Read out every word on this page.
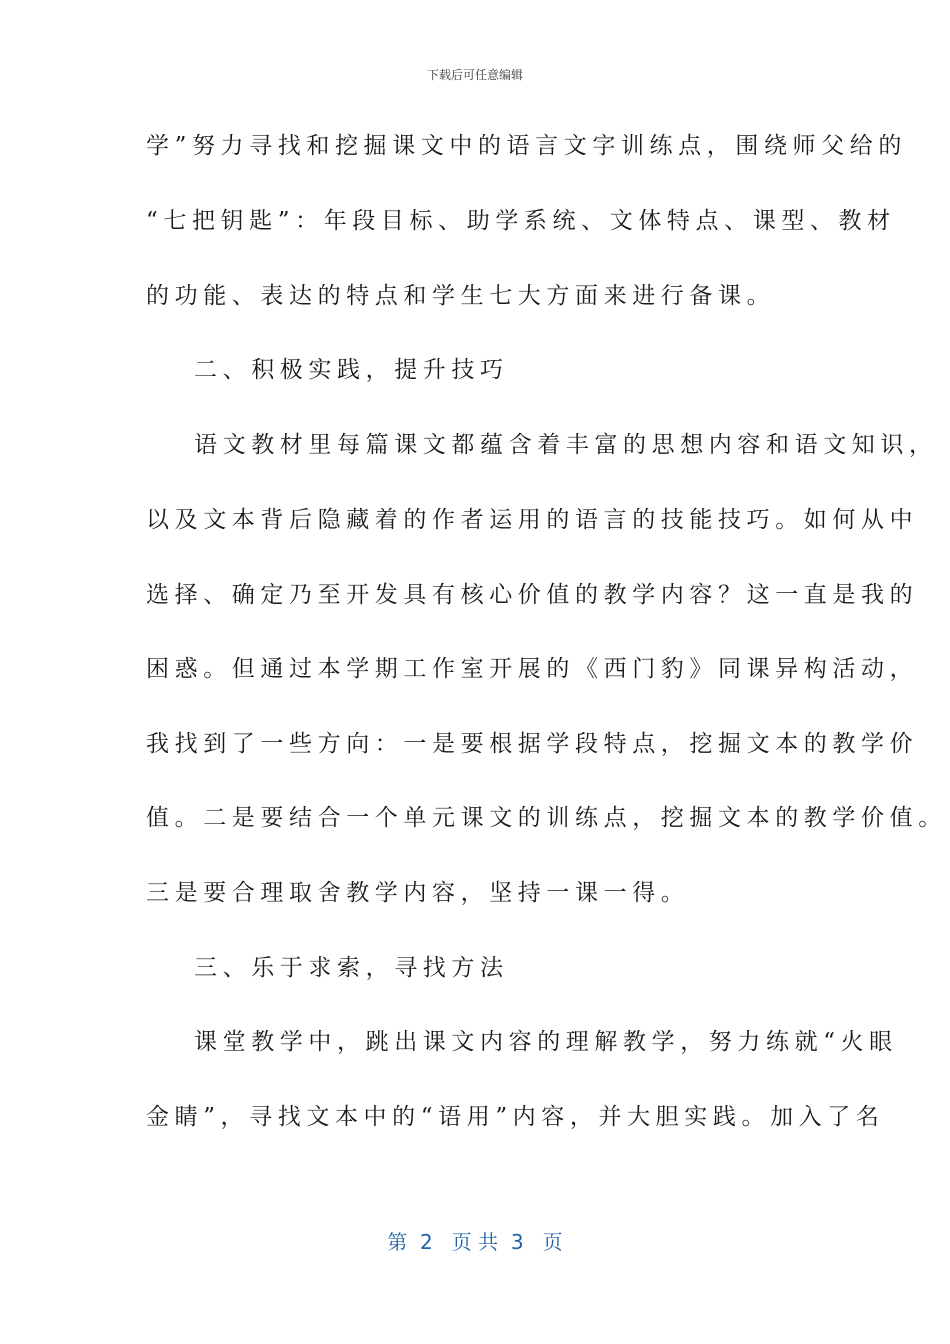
下载后可任意编辑
学”努力寻找和挖掘课文中的语言文字训练点，围绕师父给的
“七把钥匙”：年段目标、助学系统、文体特点、课型、教材
的功能、表达的特点和学生七大方面来进行备课。
二、积极实践，提升技巧
语文教材里每篇课文都蕴含着丰富的思想内容和语文知识，
以及文本背后隐藏着的作者运用的语言的技能技巧。如何从中
选择、确定乃至开发具有核心价值的教学内容？这一直是我的
困惑。但通过本学期工作室开展的《西门豹》同课异构活动，
我找到了一些方向：一是要根据学段特点，挖掘文本的教学价
值。二是要结合一个单元课文的训练点，挖掘文本的教学价值。
三是要合理取舍教学内容，坚持一课一得。
三、乐于求索，寻找方法
课堂教学中，跳出课文内容的理解教学，努力练就“火眼
金睛”，寻找文本中的“语用”内容，并大胆实践。加入了名
第  2   页 共  3   页
